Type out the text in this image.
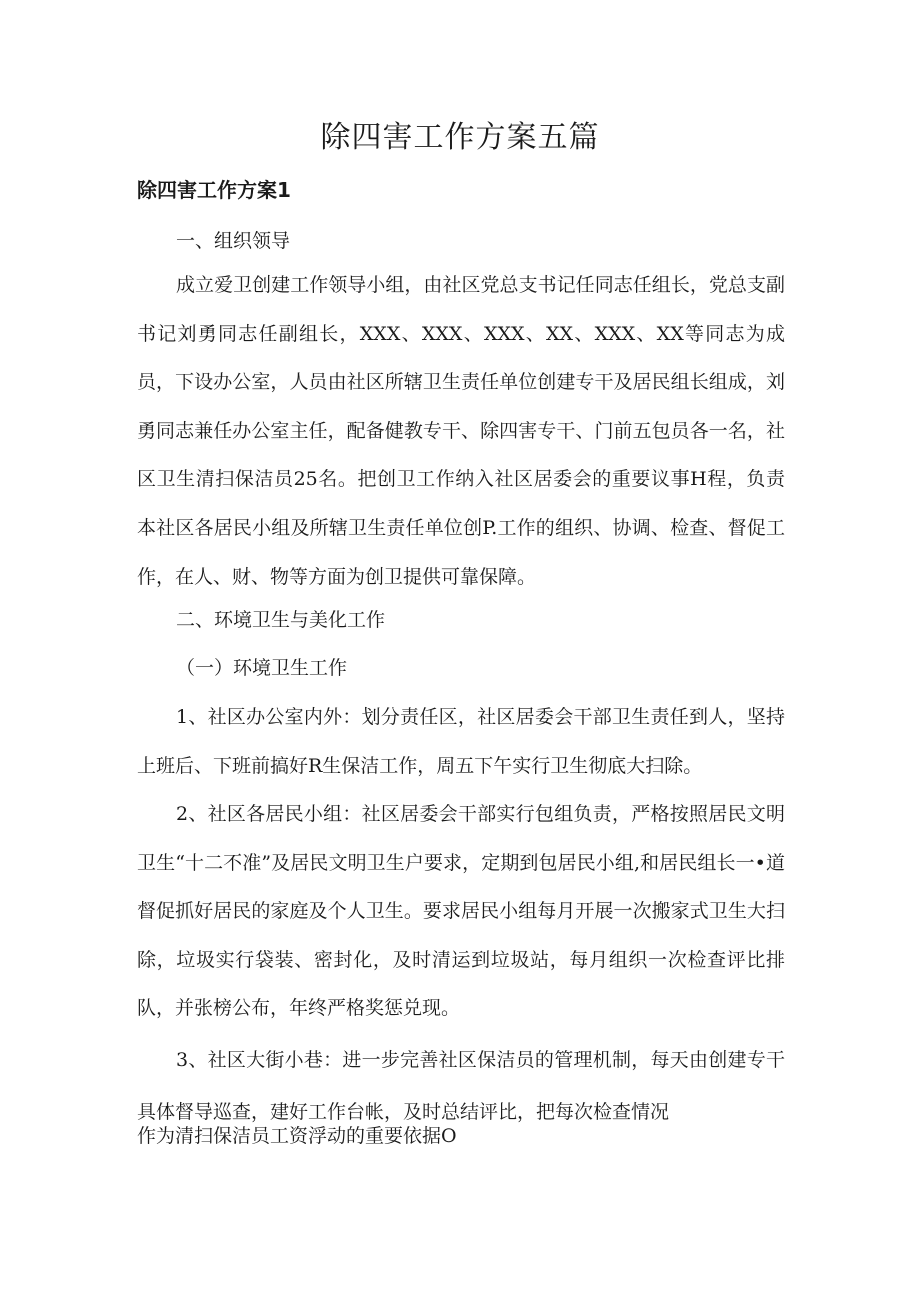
除四害工作方案五篇
除四害工作方案1
一、组织领导
成立爱卫创建工作领导小组，由社区党总支书记任同志任组长，党总支副书记刘勇同志任副组长，XXX、XXX、XXX、XX、XXX、XX等同志为成员，下设办公室，人员由社区所辖卫生责任单位创建专干及居民组长组成，刘勇同志兼任办公室主任，配备健教专干、除四害专干、门前五包员各一名，社区卫生清扫保洁员25名。把创卫工作纳入社区居委会的重要议事H程，负责本社区各居民小组及所辖卫生责任单位创P.工作的组织、协调、检查、督促工作，在人、财、物等方面为创卫提供可靠保障。
二、环境卫生与美化工作
（一）环境卫生工作
1、社区办公室内外：划分责任区，社区居委会干部卫生责任到人，坚持上班后、下班前搞好R生保洁工作，周五下午实行卫生彻底大扫除。
2、社区各居民小组：社区居委会干部实行包组负责，严格按照居民文明卫生“十二不准”及居民文明卫生户要求，定期到包居民小组,和居民组长一•道督促抓好居民的家庭及个人卫生。要求居民小组每月开展一次搬家式卫生大扫除，垃圾实行袋装、密封化，及时清运到垃圾站，每月组织一次检查评比排队，并张榜公布，年终严格奖惩兑现。
3、社区大街小巷：进一步完善社区保洁员的管理机制，每天由创建专干具体督导巡查，建好工作台帐，及时总结评比，把每次检查情况
作为清扫保洁员工资浮动的重要依据O
